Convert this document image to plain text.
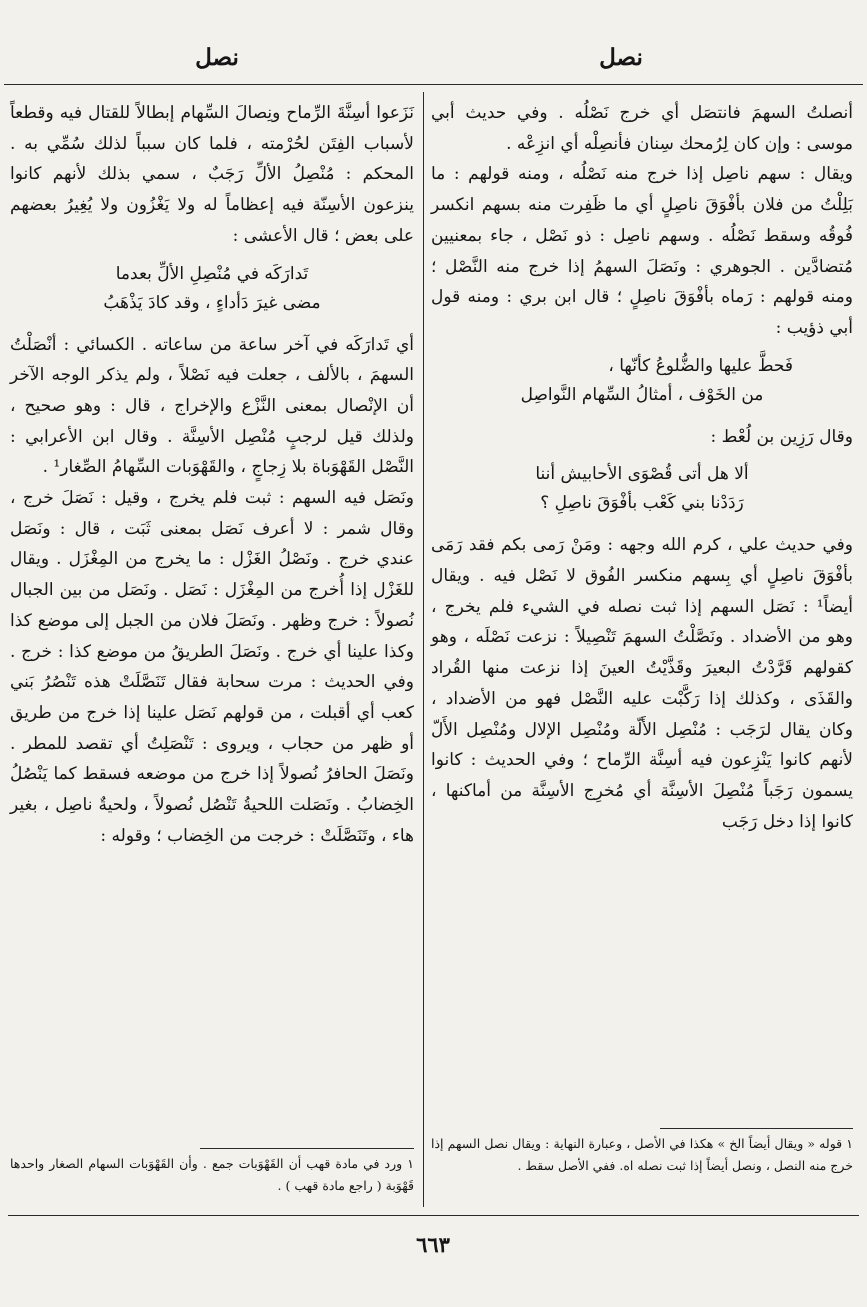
نصل
نصل

أنصلتُ السهمَ فانتصَل أي خرج نَصْلُه . وفي حديث أبي موسى : وإن كان لِرُمحك سِنان فأنصِلْه أي انزِعْه .

ويقال : سهم ناصِل إذا خرج منه نَصْلُه ، ومنه قولهم : ما بَلِلْتُ من فلان بأفْوَقَ ناصِلٍ أي ما ظَفِرت منه بسهم انكسر فُوقُه وسقط نَصْلُه . وسهم ناصِل : ذو نَصْل ، جاء بمعنيين مُتضادَّين . الجوهري : ونَصَلَ السهمُ إذا خرج منه النَّصْل ؛ ومنه قولهم : رَماه بأفْوَقَ ناصِلٍ ؛ قال ابن بري : ومنه قول أبي ذؤيب :

فَحطَّ عليها والضُّلوعُ كأنّها ،
من الخَوْف ، أمثالُ السِّهام النَّواصِل

وقال رَزِين بن لُعْط :

ألا هل أتى قُصْوَى الأحابيش أننا
رَدَدْنا بني كَعْب بأفْوَقَ ناصِلِ ؟

وفي حديث علي ، كرم الله وجهه : ومَنْ رَمى بكم فقد رَمَى بأفْوَقَ ناصِلٍ أي بِسهم منكسر الفُوق لا نَصْل فيه . ويقال أيضاً¹ : نَصَل السهم إذا ثبت نصله في الشيء فلم يخرج ، وهو من الأضداد . ونَصَّلْتُ السهمَ تَنْصِيلاً : نزعت نَصْلَه ، وهو كقولهم قَرَّدْتُ البعيرَ وقَذَّيْتُ العينَ إذا نزعت منها القُراد والقَذَى ، وكذلك إذا رَكَّبْت عليه النَّصْل فهو من الأضداد ، وكان يقال لرَجَب : مُنْصِل الأَلّة ومُنْصِل الإلال ومُنْصِل الأَلّ لأنهم كانوا يَنْزِعون فيه أسِنَّة الرِّماح ؛ وفي الحديث : كانوا يسمون رَجَباً مُنْصِلَ الأسِنَّة أي مُخرِج الأسِنَّة من أماكنها ، كانوا إذا دخل رَجَب

١ قوله « ويقال أيضاً الخ » هكذا في الأصل ، وعبارة النهاية : ويقال نصل السهم إذا خرج منه النصل ، ونصل أيضاً إذا ثبت نصله اه. ففي الأصل سقط .

نَزَعوا أسِنَّةَ الرِّماح ونِصالَ السِّهام إبطالاً للقتال فيه وقطعاً لأسباب الفِتَن لحُرْمته ، فلما كان سبباً لذلك سُمِّي به . المحكم : مُنْصِلُ الألِّ رَجَبٌ ، سمي بذلك لأنهم كانوا ينزعون الأسِنّة فيه إعظاماً له ولا يَغْزُون ولا يُغِيرُ بعضهم على بعض ؛ قال الأعشى :

تَدارَكَه في مُنْصِلِ الألِّ بعدما
مضى غيرَ دَأداءٍ ، وقد كادَ يَذْهَبُ

أي تَدارَكَه في آخر ساعة من ساعاته . الكسائي : أنْصَلْتُ السهمَ ، بالألف ، جعلت فيه نَصْلاً ، ولم يذكر الوجه الآخر أن الإنْصال بمعنى النَّزْع والإخراج ، قال : وهو صحيح ، ولذلك قيل لرجبٍ مُنْصِل الأسِنَّة . وقال ابن الأعرابي : النَّصْل القَهْوَباة بلا زِجاجٍ ، والقَهْوَبات السِّهامُ الصِّغار¹ .

ونَصَل فيه السهم : ثبت فلم يخرج ، وقيل : نَصَلَ خرج ، وقال شمر : لا أعرف نَصَل بمعنى ثَبَت ، قال : ونَصَل عندي خرج . ونَصْلُ الغَزْل : ما يخرج من المِغْزَل . ويقال للغَزْل إذا أُخرج من المِغْزَل : نَصَل . ونَصَل من بين الجبال نُصولاً : خرج وظهر . ونَصَلَ فلان من الجبل إلى موضع كذا وكذا علينا أي خرج . ونَصَلَ الطريقُ من موضع كذا : خرج . وفي الحديث : مرت سحابة فقال تَنَصَّلَتْ هذه تَنْصُرُ بَني كعب أي أقبلت ، من قولهم نَصَل علينا إذا خرج من طريق أو ظهر من حجاب ، ويروى : تَنْصَلِتُ أي تقصد للمطر . ونَصَلَ الحافرُ نُصولاً إذا خرج من موضعه فسقط كما يَنْصُلُ الخِضابُ . ونَصَلت اللحيةُ تَنْصُل نُصولاً ، ولحيةٌ ناصِل ، بغير هاء ، وتَنَصَّلَتْ : خرجت من الخِضاب ؛ وقوله :

١ ورد في مادة قهب أن القَهْوَبات جمع . وأن القَهْوَبات السهام الصغار واحدها قَهْوَبة ( راجع مادة قهب ) .
٦٦٣
